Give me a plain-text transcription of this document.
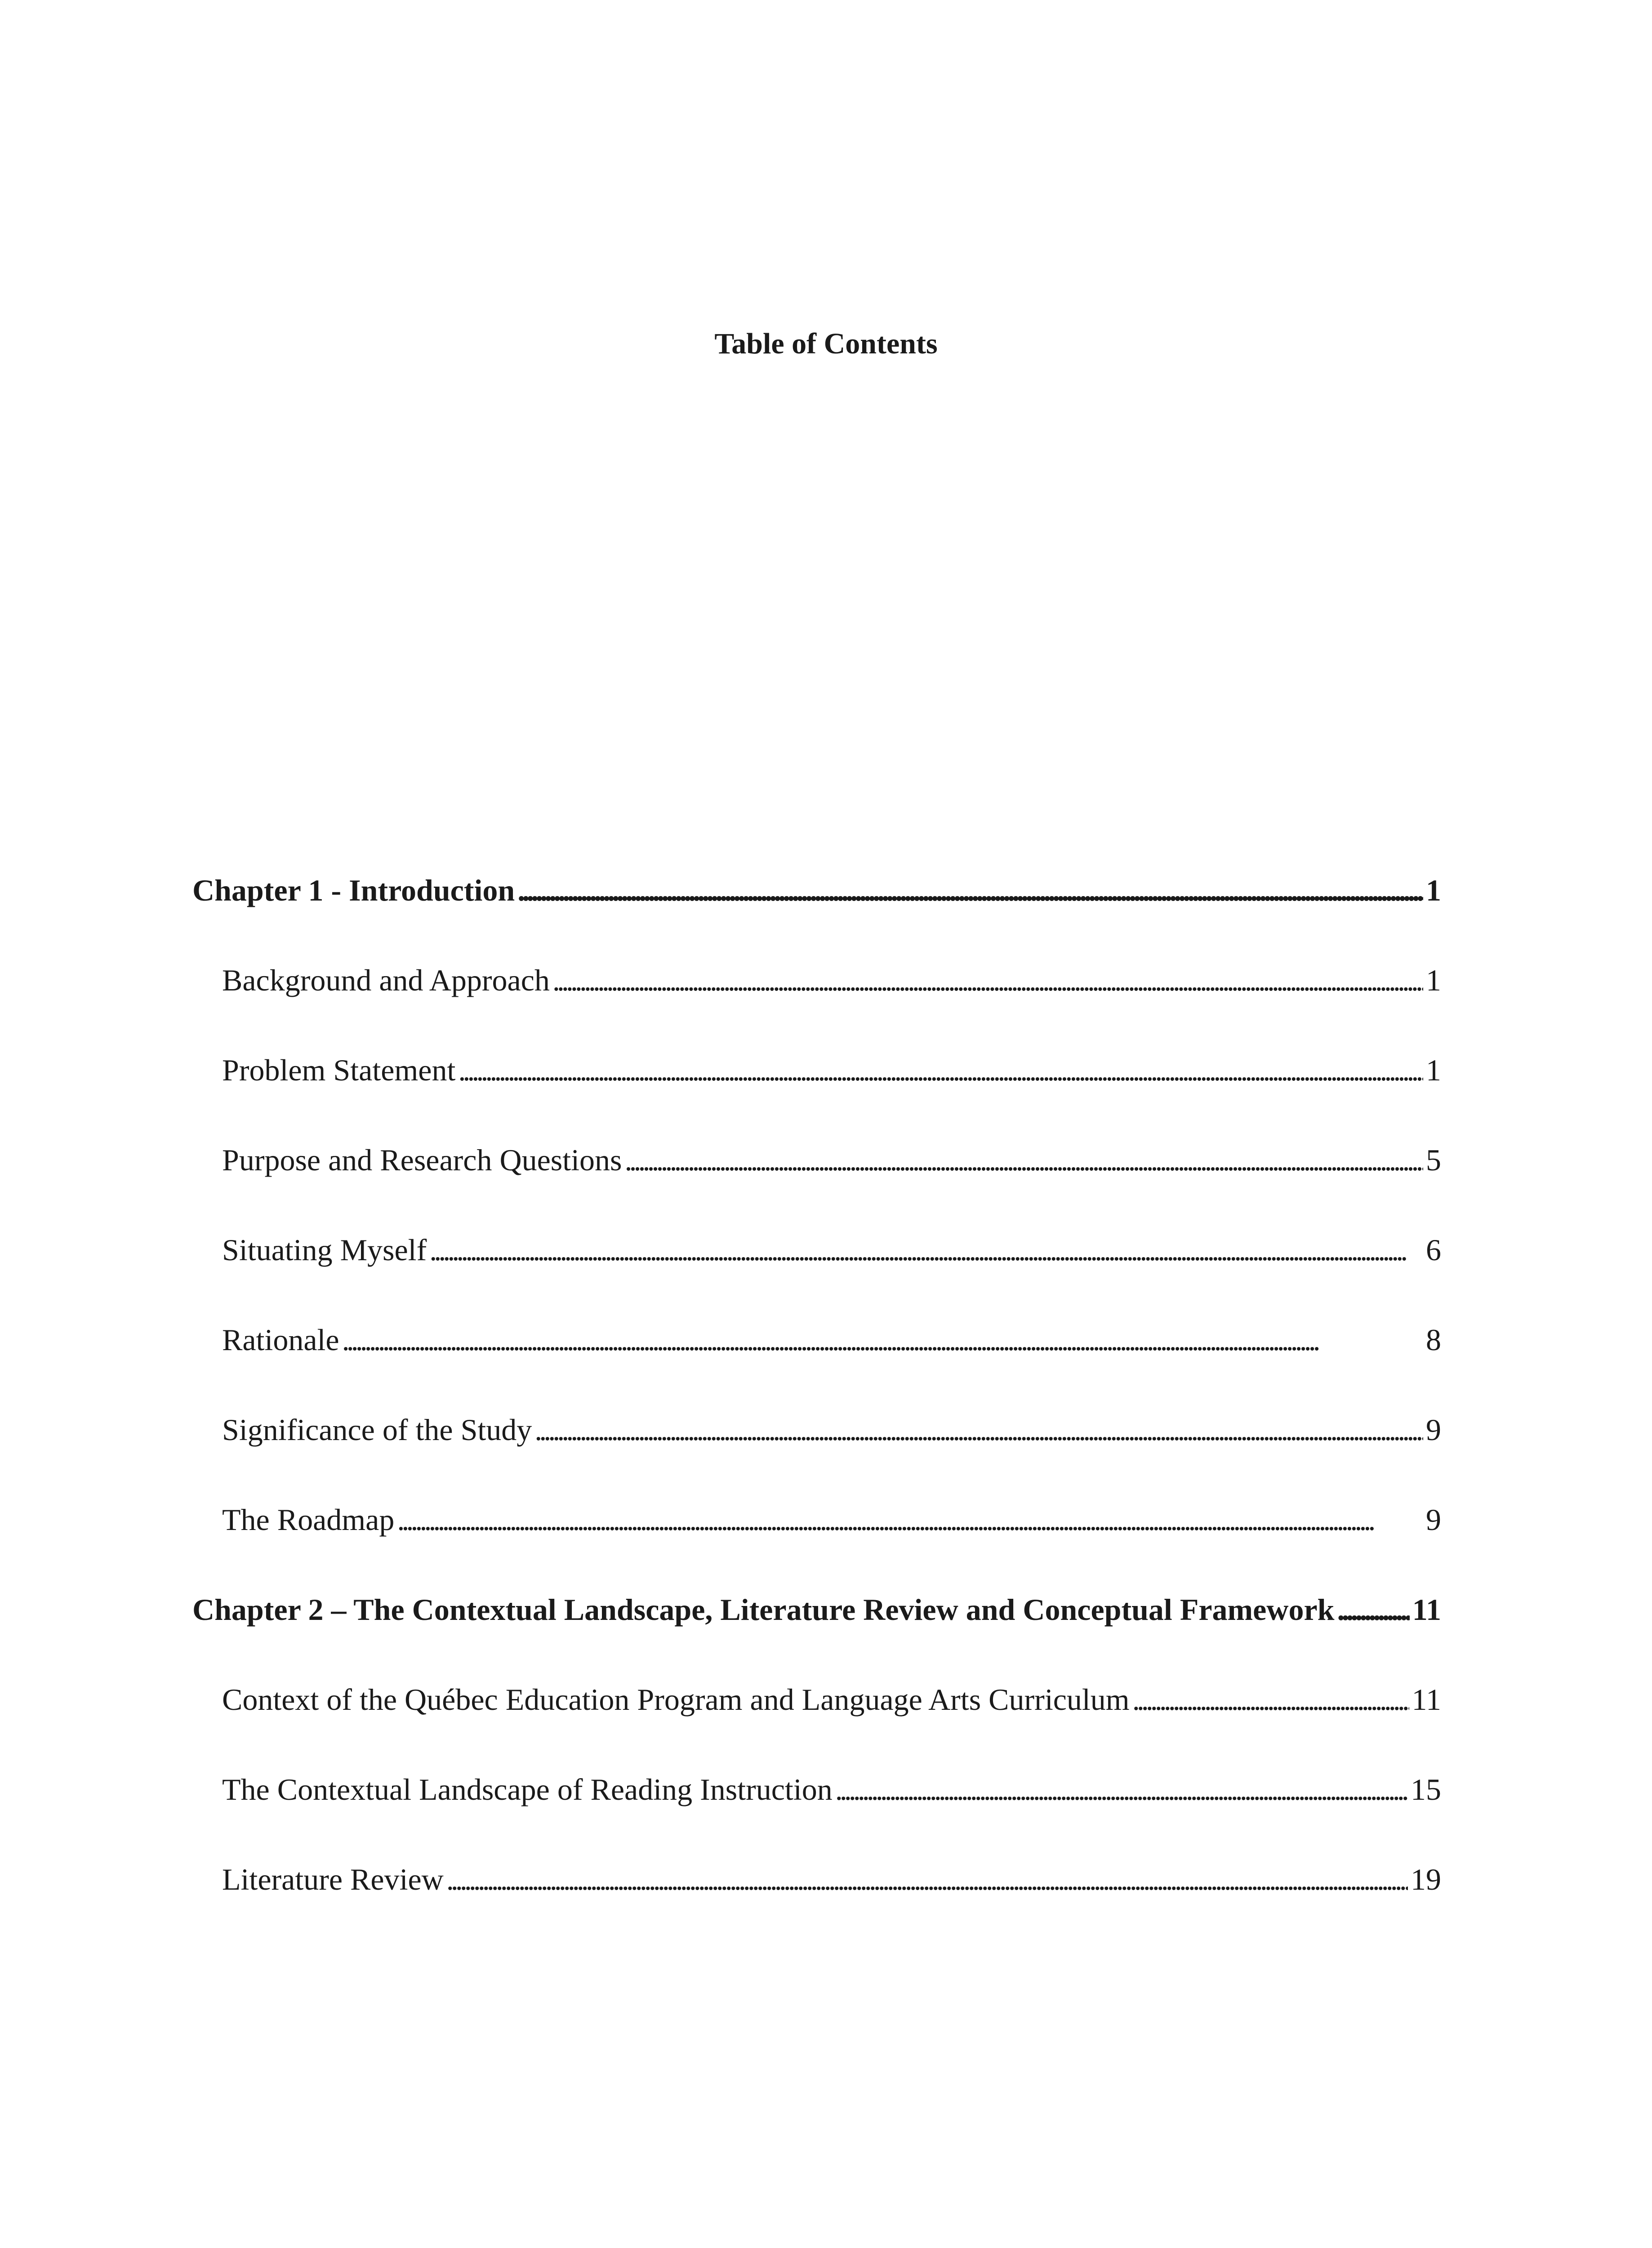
Table of Contents
Chapter 1 - Introduction . . .	1
Background and Approach . . .	1
Problem Statement . . .	1
Purpose and Research Questions . . .	5
Situating Myself . . .	6
Rationale . . .	8
Significance of the Study . . .	9
The Roadmap . . .	9
Chapter 2 – The Contextual Landscape, Literature Review and Conceptual Framework . . .	11
Context of the Québec Education Program and Language Arts Curriculum . . .	11
The Contextual Landscape of Reading Instruction . . .	15
Literature Review . . .	19
